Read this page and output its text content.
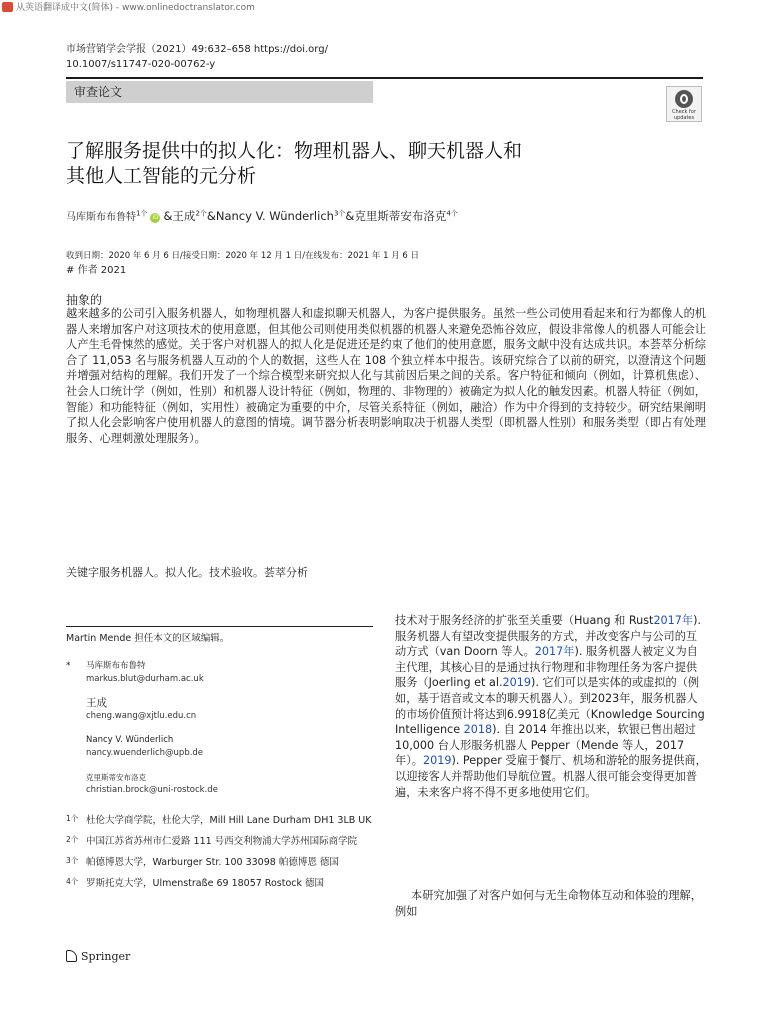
从英语翻译成中文(简体) - www.onlinedoctranslator.com
市场营销学会学报（2021）49:632–658 https://doi.org/
10.1007/s11747-020-00762-y
审查论文
Check for
updates
了解服务提供中的拟人化：物理机器人、聊天机器人和
其他人工智能的元分析
马库斯布布鲁特$^{1个}$ iD &王成$^{2个}$&Nancy V. Wünderlich$^{3个}$&克里斯蒂安布洛克$^{4个}$
收到日期：2020 年 6 月 6 日/接受日期：2020 年 12 月 1 日/在线发布：2021 年 1 月 6 日
# 作者 2021
抽象的
越来越多的公司引入服务机器人，如物理机器人和虚拟聊天机器人，为客户提供服务。虽然一些公司使用看起来和行为都像人的机器人来增加客户对这项技术的使用意愿，但其他公司则使用类似机器的机器人来避免恐怖谷效应，假设非常像人的机器人可能会让人产生毛骨悚然的感觉。关于客户对机器人的拟人化是促进还是约束了他们的使用意愿，服务文献中没有达成共识。本荟萃分析综合了 11,053 名与服务机器人互动的个人的数据，这些人在 108 个独立样本中报告。该研究综合了以前的研究，以澄清这个问题并增强对结构的理解。我们开发了一个综合模型来研究拟人化与其前因后果之间的关系。客户特征和倾向（例如，计算机焦虑）、社会人口统计学（例如，性别）和机器人设计特征（例如，物理的、非物理的）被确定为拟人化的触发因素。机器人特征（例如，智能）和功能特征（例如，实用性）被确定为重要的中介，尽管关系特征（例如，融洽）作为中介得到的支持较少。研究结果阐明了拟人化会影响客户使用机器人的意图的情境。调节器分析表明影响取决于机器人类型（即机器人性别）和服务类型（即占有处理服务、心理刺激处理服务）。
关键字服务机器人。拟人化。技术验收。荟萃分析
Martin Mende 担任本文的区域编辑。
* 马库斯布布鲁特
markus.blut@durham.ac.uk
王成
cheng.wang@xjtlu.edu.cn
Nancy V. Wünderlich
nancy.wuenderlich@upb.de
克里斯蒂安布洛克
christian.brock@uni-rostock.de
1个 杜伦大学商学院，杜伦大学，Mill Hill Lane Durham DH1 3LB UK
2个 中国江苏省苏州市仁爱路 111 号西交利物浦大学苏州国际商学院
3个 帕德博恩大学，Warburger Str. 100 33098 帕德博恩 德国
4个 罗斯托克大学，Ulmenstraße 69 18057 Rostock 德国
Springer
技术对于服务经济的扩张至关重要（Huang 和 Rust2017年). 服务机器人有望改变提供服务的方式，并改变客户与公司的互动方式（van Doorn 等人。2017年). 服务机器人被定义为自主代理，其核心目的是通过执行物理和非物理任务为客户提供服务（Joerling et al.2019). 它们可以是实体的或虚拟的（例如，基于语音或文本的聊天机器人）。到2023年，服务机器人的市场价值预计将达到6.9918亿美元（Knowledge Sourcing Intelligence 2018). 自 2014 年推出以来，软银已售出超过 10,000 台人形服务机器人 Pepper（Mende 等人，2017 年）。2019). Pepper 受雇于餐厅、机场和游轮的服务提供商，以迎接客人并帮助他们导航位置。机器人很可能会变得更加普遍，未来客户将不得不更多地使用它们。
本研究加强了对客户如何与无生命物体互动和体验的理解，例如
